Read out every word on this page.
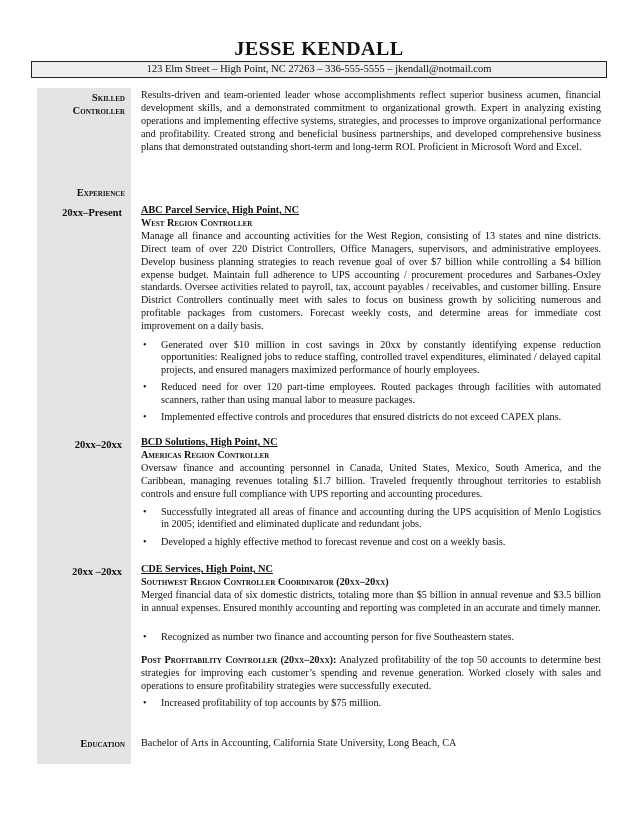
JESSE KENDALL
123 Elm Street – High Point, NC 27263 – 336-555-5555 – jkendall@notmail.com
Skilled
Controller
Results-driven and team-oriented leader whose accomplishments reflect superior business acumen, financial development skills, and a demonstrated commitment to organizational growth. Expert in analyzing existing operations and implementing effective systems, strategies, and processes to improve organizational performance and profitability. Created strong and beneficial business partnerships, and developed comprehensive business plans that demonstrated outstanding short-term and long-term ROI. Proficient in Microsoft Word and Excel.
Experience
20xx–Present ABC Parcel Service, High Point, NC
West Region Controller
Manage all finance and accounting activities for the West Region, consisting of 13 states and nine districts. Direct team of over 220 District Controllers, Office Managers, supervisors, and administrative employees. Develop business planning strategies to reach revenue goal of over $7 billion while controlling a $4 billion expense budget. Maintain full adherence to UPS accounting / procurement procedures and Sarbanes-Oxley standards. Oversee activities related to payroll, tax, account payables / receivables, and customer billing. Ensure District Controllers continually meet with sales to focus on business growth by soliciting numerous and profitable packages from customers. Forecast weekly costs, and determine areas for immediate cost improvement on a daily basis.
• Generated over $10 million in cost savings in 20xx by constantly identifying expense reduction opportunities: Realigned jobs to reduce staffing, controlled travel expenditures, eliminated / delayed capital projects, and ensured managers maximized performance of hourly employees.
• Reduced need for over 120 part-time employees. Routed packages through facilities with automated scanners, rather than using manual labor to measure packages.
• Implemented effective controls and procedures that ensured districts do not exceed CAPEX plans.
20xx–20xx BCD Solutions, High Point, NC
Americas Region Controller
Oversaw finance and accounting personnel in Canada, United States, Mexico, South America, and the Caribbean, managing revenues totaling $1.7 billion. Traveled frequently throughout territories to establish controls and ensure full compliance with UPS reporting and accounting procedures.
• Successfully integrated all areas of finance and accounting during the UPS acquisition of Menlo Logistics in 2005; identified and eliminated duplicate and redundant jobs.
• Developed a highly effective method to forecast revenue and cost on a weekly basis.
20xx –20xx CDE Services, High Point, NC
Southwest Region Controller Coordinator (20xx–20xx)
Merged financial data of six domestic districts, totaling more than $5 billion in annual revenue and $3.5 billion in annual expenses. Ensured monthly accounting and reporting was completed in an accurate and timely manner.
• Recognized as number two finance and accounting person for five Southeastern states.
Post Profitability Controller (20xx–20xx): Analyzed profitability of the top 50 accounts to determine best strategies for improving each customer’s spending and revenue generation. Worked closely with sales and operations to ensure profitability strategies were successfully executed.
• Increased profitability of top accounts by $75 million.
Education Bachelor of Arts in Accounting, California State University, Long Beach, CA
